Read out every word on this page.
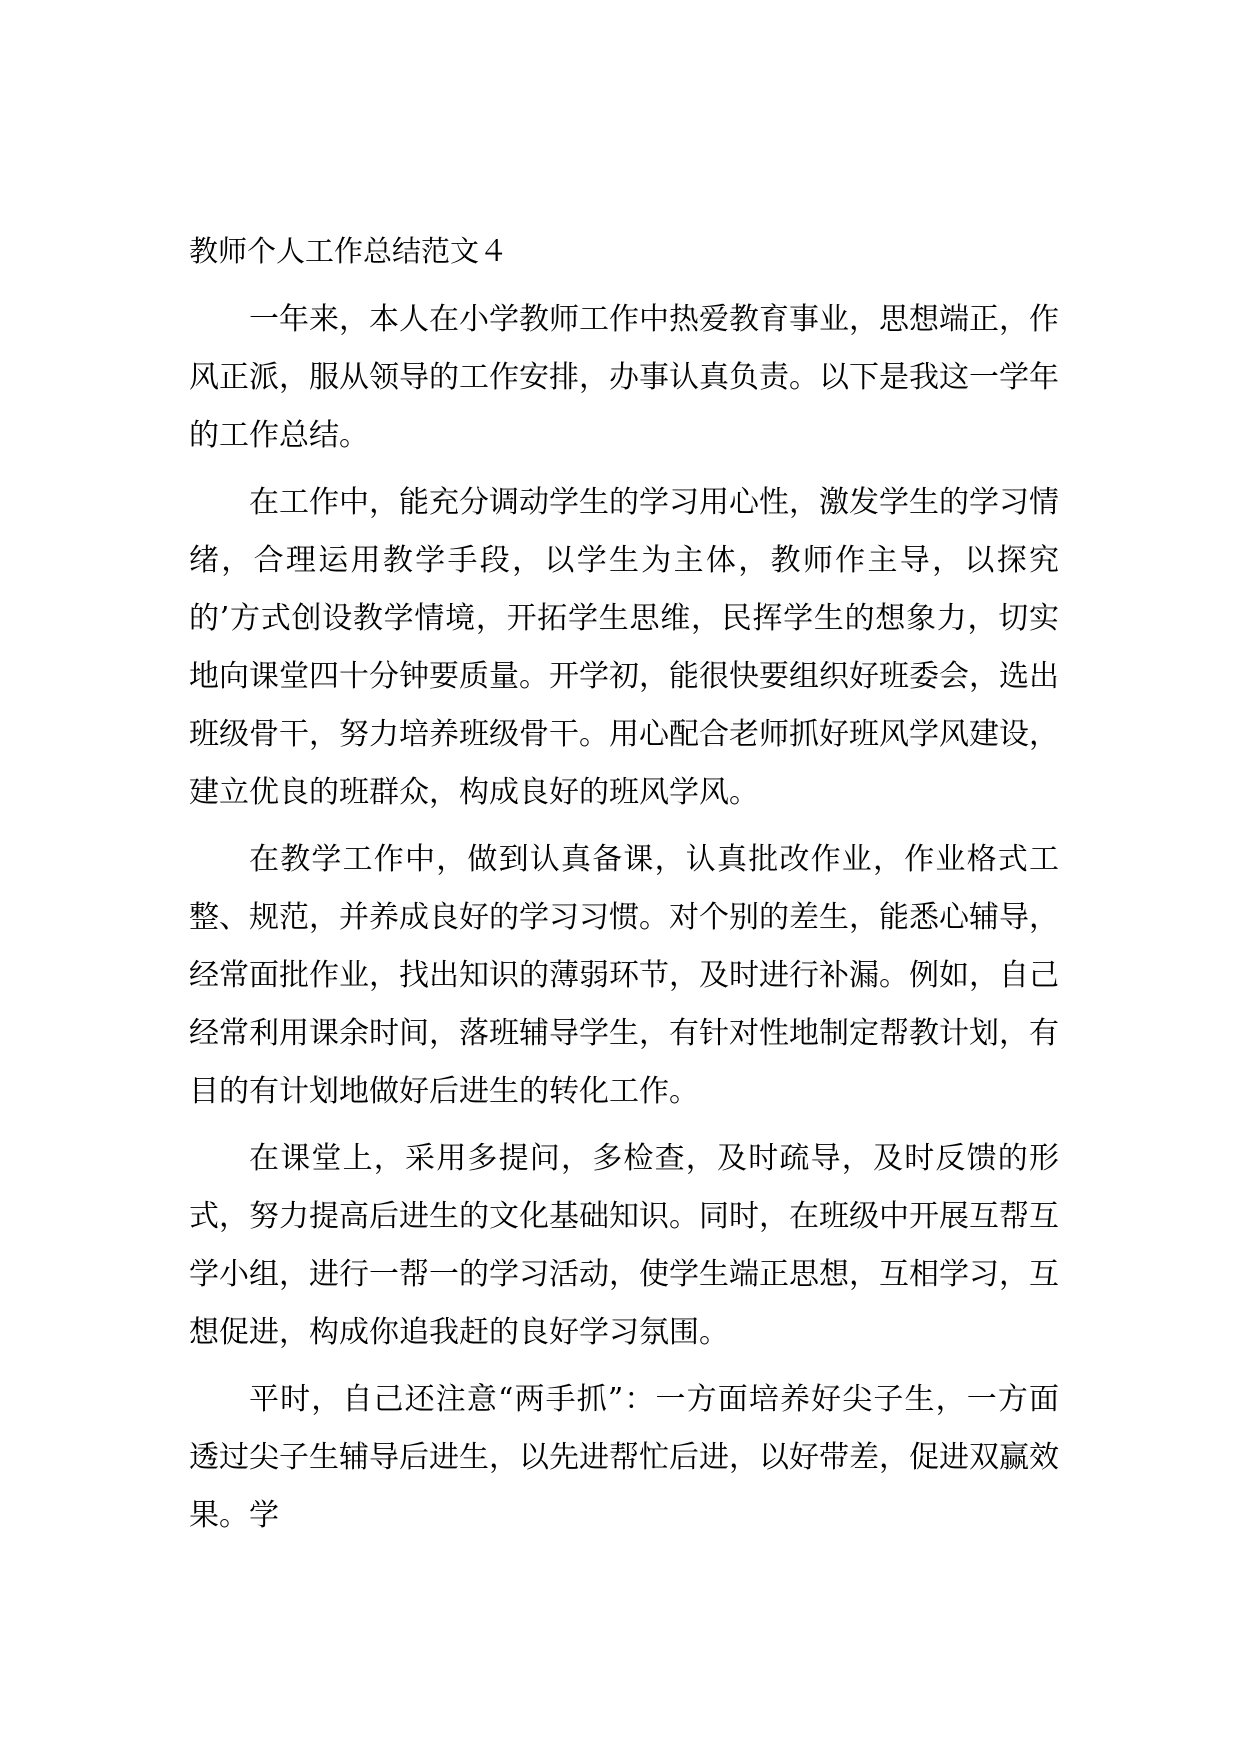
教师个人工作总结范文４

一年来，本人在小学教师工作中热爱教育事业，思想端正，作风正派，服从领导的工作安排，办事认真负责。以下是我这一学年的工作总结。

在工作中，能充分调动学生的学习用心性，激发学生的学习情绪，合理运用教学手段，以学生为主体，教师作主导，以探究的’方式创设教学情境，开拓学生思维，民挥学生的想象力，切实地向课堂四十分钟要质量。开学初，能很快要组织好班委会，选出班级骨干，努力培养班级骨干。用心配合老师抓好班风学风建设，建立优良的班群众，构成良好的班风学风。

在教学工作中，做到认真备课，认真批改作业，作业格式工整、规范，并养成良好的学习习惯。对个别的差生，能悉心辅导，经常面批作业，找出知识的薄弱环节，及时进行补漏。例如，自己经常利用课余时间，落班辅导学生，有针对性地制定帮教计划，有目的有计划地做好后进生的转化工作。

在课堂上，采用多提问，多检查，及时疏导，及时反馈的形式，努力提高后进生的文化基础知识。同时，在班级中开展互帮互学小组，进行一帮一的学习活动，使学生端正思想，互相学习，互想促进，构成你追我赶的良好学习氛围。

平时，自己还注意“两手抓”：一方面培养好尖子生，一方面透过尖子生辅导后进生，以先进帮忙后进，以好带差，促进双赢效果。学
